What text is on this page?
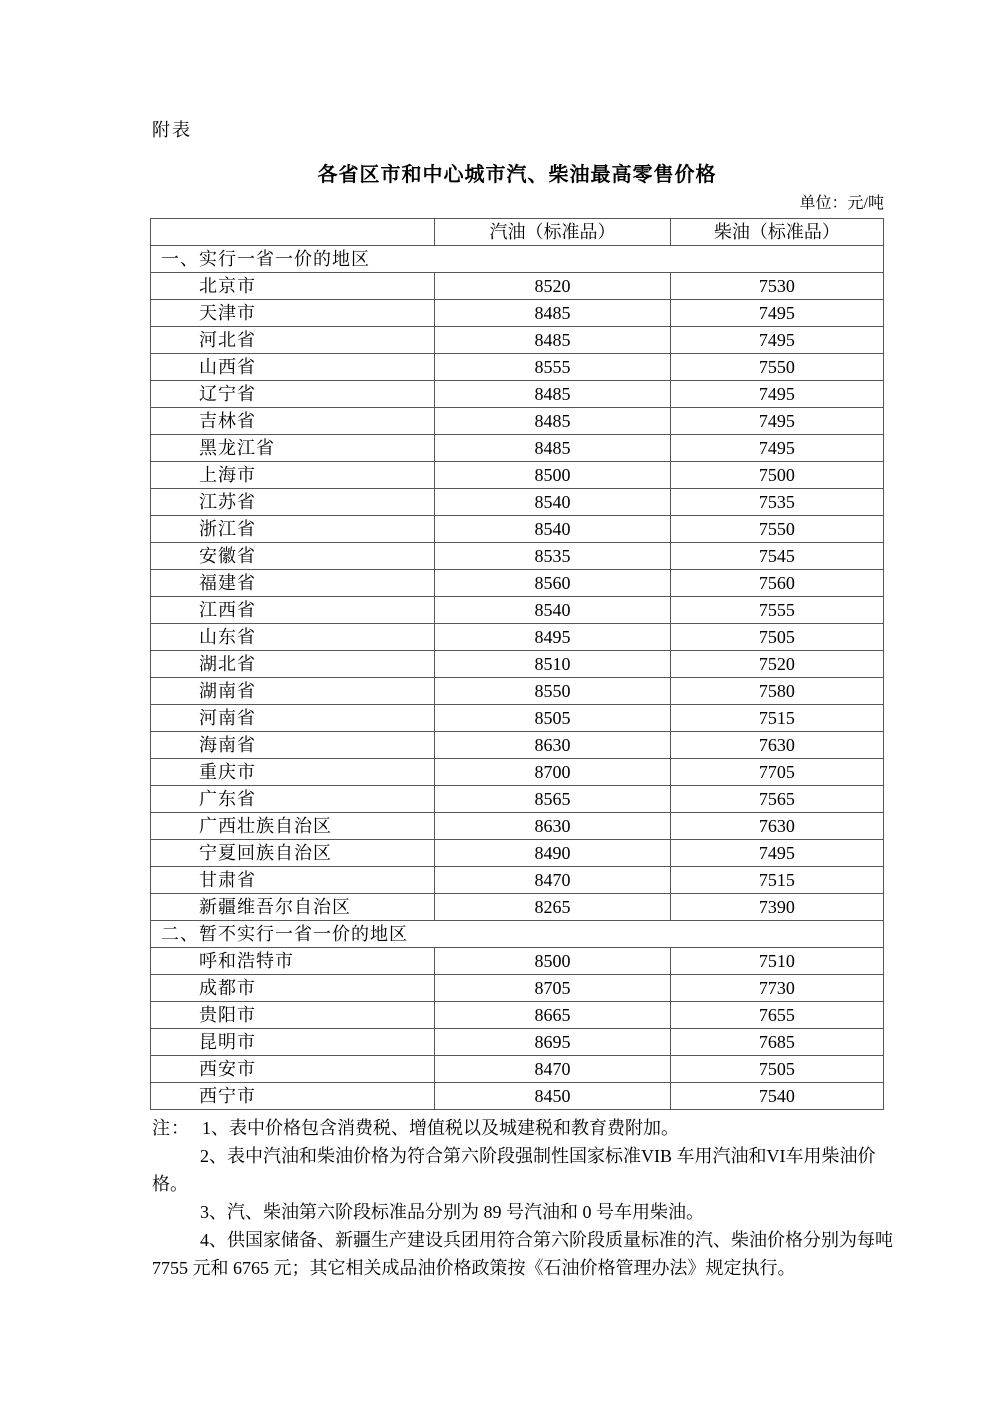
附表
各省区市和中心城市汽、柴油最高零售价格
单位：元/吨
	汽油（标准品）	柴油（标准品）
一、实行一省一价的地区		
北京市	8520	7530
天津市	8485	7495
河北省	8485	7495
山西省	8555	7550
辽宁省	8485	7495
吉林省	8485	7495
黑龙江省	8485	7495
上海市	8500	7500
江苏省	8540	7535
浙江省	8540	7550
安徽省	8535	7545
福建省	8560	7560
江西省	8540	7555
山东省	8495	7505
湖北省	8510	7520
湖南省	8550	7580
河南省	8505	7515
海南省	8630	7630
重庆市	8700	7705
广东省	8565	7565
广西壮族自治区	8630	7630
宁夏回族自治区	8490	7495
甘肃省	8470	7515
新疆维吾尔自治区	8265	7390
二、暂不实行一省一价的地区		
呼和浩特市	8500	7510
成都市	8705	7730
贵阳市	8665	7655
昆明市	8695	7685
西安市	8470	7505
西宁市	8450	7540
注： 1、表中价格包含消费税、增值税以及城建税和教育费附加。
2、表中汽油和柴油价格为符合第六阶段强制性国家标准VIB 车用汽油和VI车用柴油价
格。
3、汽、柴油第六阶段标准品分别为 89 号汽油和 0 号车用柴油。
4、供国家储备、新疆生产建设兵团用符合第六阶段质量标准的汽、柴油价格分别为每吨
7755 元和 6765 元；其它相关成品油价格政策按《石油价格管理办法》规定执行。
